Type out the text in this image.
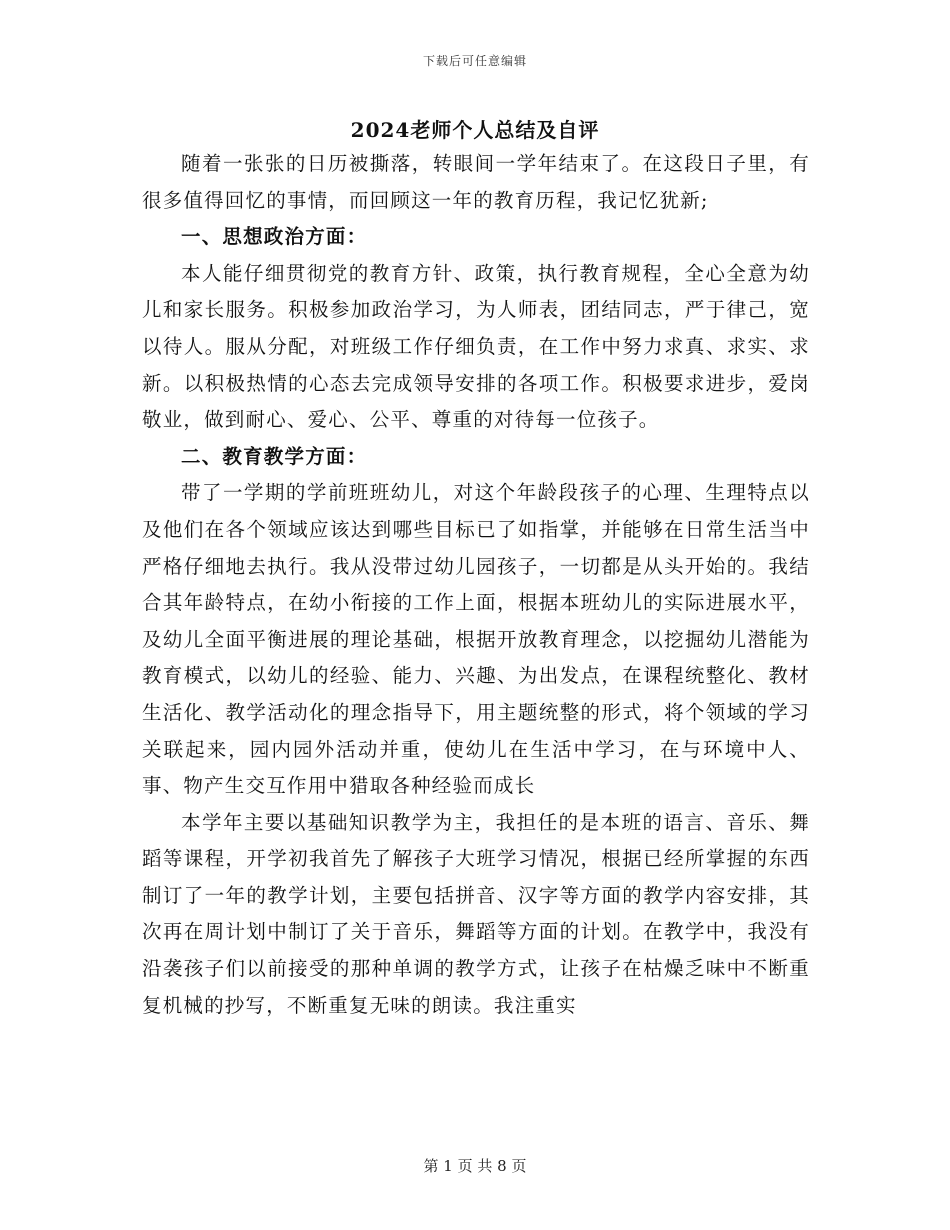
下载后可任意编辑
2024老师个人总结及自评

随着一张张的日历被撕落，转眼间一学年结束了。在这段日子里，有很多值得回忆的事情，而回顾这一年的教育历程，我记忆犹新;

一、思想政治方面：

本人能仔细贯彻党的教育方针、政策，执行教育规程，全心全意为幼儿和家长服务。积极参加政治学习，为人师表，团结同志，严于律己，宽以待人。服从分配，对班级工作仔细负责，在工作中努力求真、求实、求新。以积极热情的心态去完成领导安排的各项工作。积极要求进步，爱岗敬业，做到耐心、爱心、公平、尊重的对待每一位孩子。

二、教育教学方面：

带了一学期的学前班班幼儿，对这个年龄段孩子的心理、生理特点以及他们在各个领域应该达到哪些目标已了如指掌，并能够在日常生活当中严格仔细地去执行。我从没带过幼儿园孩子，一切都是从头开始的。我结合其年龄特点，在幼小衔接的工作上面，根据本班幼儿的实际进展水平，及幼儿全面平衡进展的理论基础，根据开放教育理念，以挖掘幼儿潜能为教育模式，以幼儿的经验、能力、兴趣、为出发点，在课程统整化、教材生活化、教学活动化的理念指导下，用主题统整的形式，将个领域的学习关联起来，园内园外活动并重，使幼儿在生活中学习，在与环境中人、事、物产生交互作用中猎取各种经验而成长

本学年主要以基础知识教学为主，我担任的是本班的语言、音乐、舞蹈等课程，开学初我首先了解孩子大班学习情况，根据已经所掌握的东西制订了一年的教学计划，主要包括拼音、汉字等方面的教学内容安排，其次再在周计划中制订了关于音乐，舞蹈等方面的计划。在教学中，我没有沿袭孩子们以前接受的那种单调的教学方式，让孩子在枯燥乏味中不断重复机械的抄写，不断重复无味的朗读。我注重实

第 1 页 共 8 页
